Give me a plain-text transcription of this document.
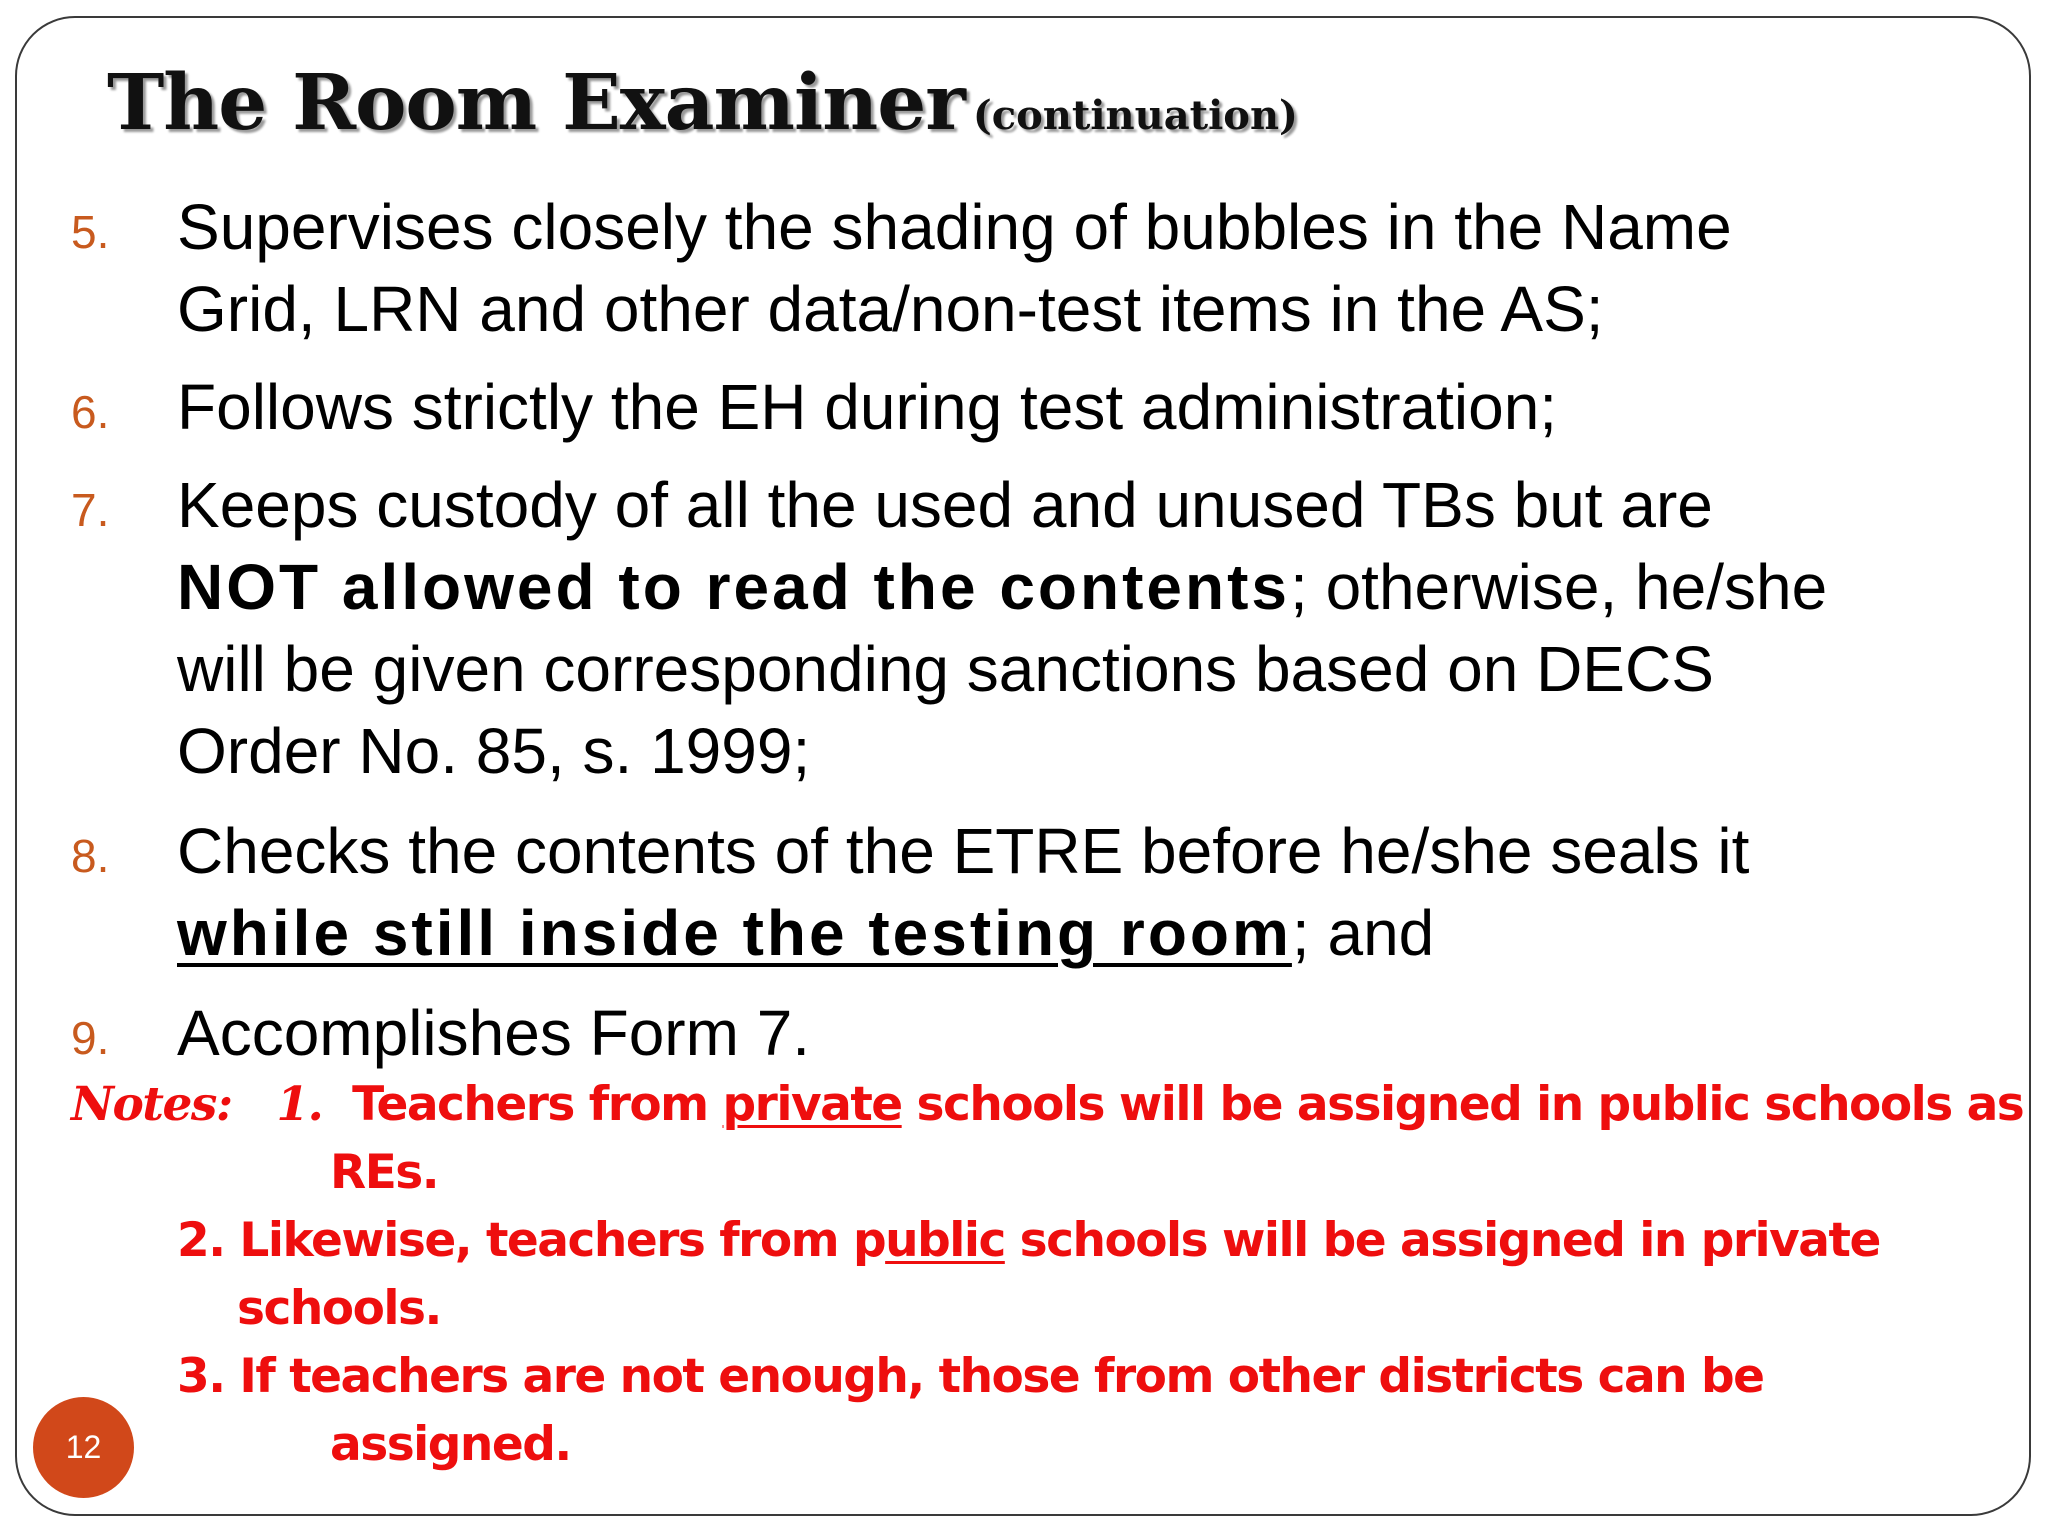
The Room Examiner (continuation)
5. Supervises closely the shading of bubbles in the Name
Grid, LRN and other data/non-test items in the AS;
6. Follows strictly the EH during test administration;
7. Keeps custody of all the used and unused TBs but are
NOT allowed to read the contents; otherwise, he/she
will be given corresponding sanctions based on DECS
Order No. 85, s. 1999;
8. Checks the contents of the ETRE before he/she seals it
while still inside the testing room; and
9. Accomplishes Form 7.
Notes: 1. Teachers from private schools will be assigned in public schools as
REs.
2. Likewise, teachers from public schools will be assigned in private
schools.
3. If teachers are not enough, those from other districts can be
assigned.
12
